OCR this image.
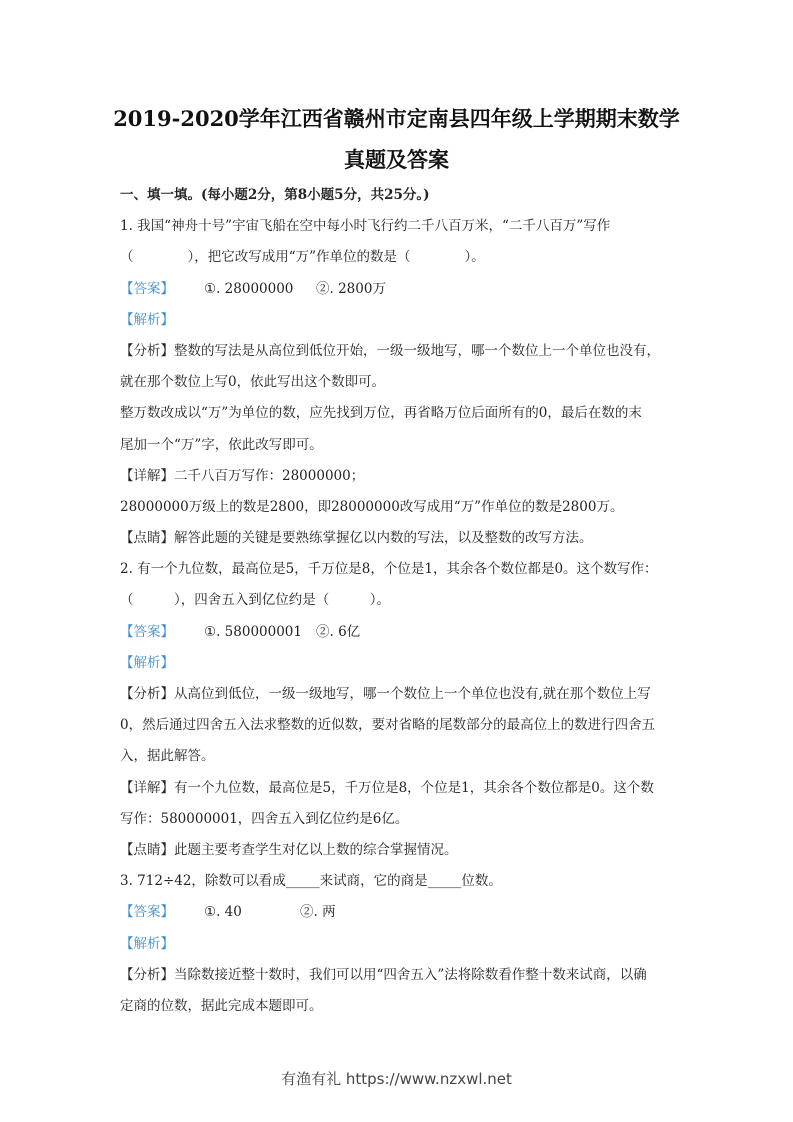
2019-2020学年江西省赣州市定南县四年级上学期期末数学
真题及答案
一、填一填。(每小题2分，第8小题5分，共25分。)
1. 我国“神舟十号”宇宙飞船在空中每小时飞行约二千八百万米，“二千八百万”写作
（　　　　），把它改写成用“万”作单位的数是（　　　　）。
【答案】 ①. 28000000 ②. 2800万
【解析】
【分析】整数的写法是从高位到低位开始，一级一级地写，哪一个数位上一个单位也没有，
就在那个数位上写0，依此写出这个数即可。
整万数改成以“万”为单位的数，应先找到万位，再省略万位后面所有的0，最后在数的末
尾加一个“万”字，依此改写即可。
【详解】二千八百万写作：28000000；
28000000万级上的数是2800，即28000000改写成用“万”作单位的数是2800万。
【点睛】解答此题的关键是要熟练掌握亿以内数的写法，以及整数的改写方法。
2. 有一个九位数，最高位是5，千万位是8，个位是1，其余各个数位都是0。这个数写作：
（　　　），四舍五入到亿位约是（　　　）。
【答案】 ①. 580000001 ②. 6亿
【解析】
【分析】从高位到低位，一级一级地写，哪一个数位上一个单位也没有,就在那个数位上写
0，然后通过四舍五入法求整数的近似数，要对省略的尾数部分的最高位上的数进行四舍五
入，据此解答。
【详解】有一个九位数，最高位是5，千万位是8，个位是1，其余各个数位都是0。这个数
写作：580000001，四舍五入到亿位约是6亿。
【点睛】此题主要考查学生对亿以上数的综合掌握情况。
3. 712÷42，除数可以看成_____来试商，它的商是_____位数。
【答案】 ①. 40	②. 两
【解析】
【分析】当除数接近整十数时，我们可以用“四舍五入”法将除数看作整十数来试商，以确
定商的位数，据此完成本题即可。
有渔有礼 https://www.nzxwl.net
